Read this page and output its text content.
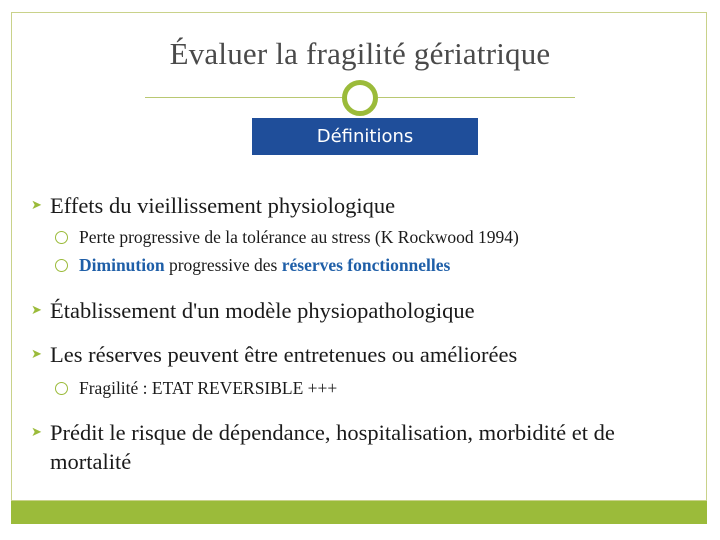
Évaluer la fragilité gériatrique
Définitions
➤ Effets du vieillissement physiologique
Perte progressive de la tolérance au stress (K Rockwood 1994)
Diminution progressive des réserves fonctionnelles
➤ Établissement d'un modèle physiopathologique
➤ Les réserves peuvent être entretenues ou améliorées
Fragilité : ETAT REVERSIBLE +++
➤ Prédit le risque de dépendance, hospitalisation, morbidité et de mortalité
